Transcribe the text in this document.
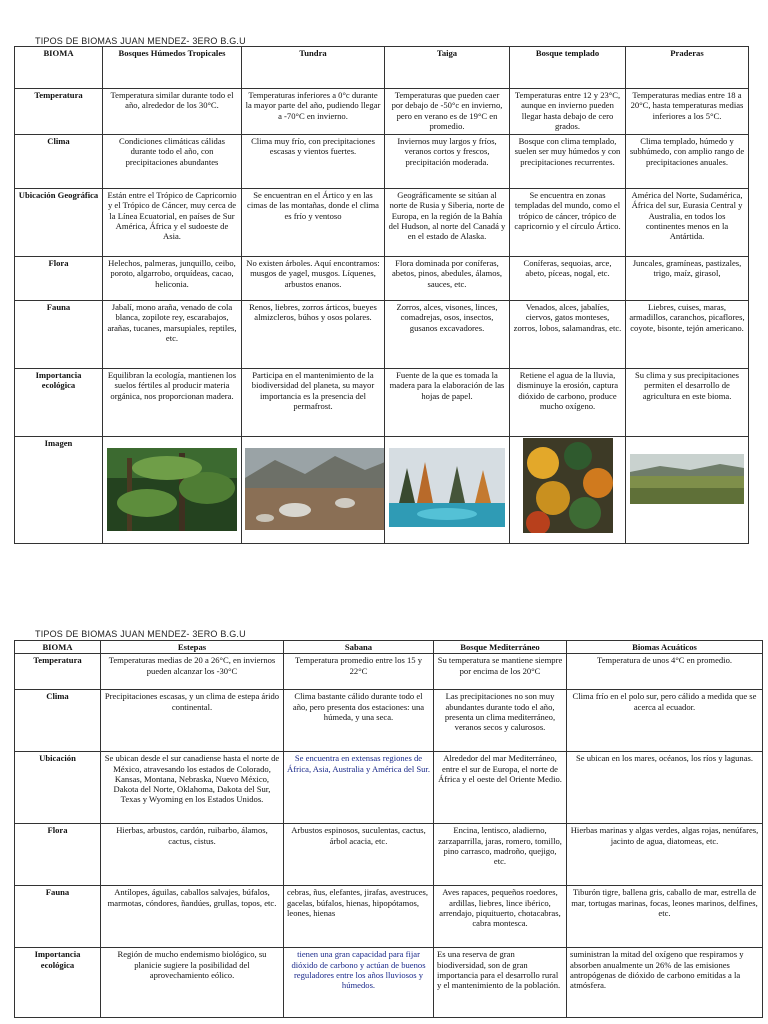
TIPOS DE BIOMAS JUAN MENDEZ- 3ERO B.G.U
BIOMA	Bosques Húmedos Tropicales	Tundra	Taiga	Bosque templado	Praderas
Temperatura	Temperatura similar durante todo el año, alrededor de los 30°C.	Temperaturas inferiores a 0°c durante la mayor parte del año, pudiendo llegar a -70°C en invierno.	Temperaturas que pueden caer por debajo de -50°c en invierno, pero en verano es de 19°C en promedio.	Temperaturas entre 12 y 23°C, aunque en invierno pueden llegar hasta debajo de cero grados.	Temperaturas medias entre 18 a 20°C, hasta temperaturas medias inferiores a los 5°C.
Clima	Condiciones climáticas cálidas durante todo el año, con precipitaciones abundantes	Clima muy frío, con precipitaciones escasas y vientos fuertes.	Inviernos muy largos y fríos, veranos cortos y frescos, precipitación moderada.	Bosque con clima templado, suelen ser muy húmedos y con precipitaciones recurrentes.	Clima templado, húmedo y subhúmedo, con amplio rango de precipitaciones anuales.
Ubicación Geográfica	Están entre el Trópico de Capricornio y el Trópico de Cáncer, muy cerca de la Línea Ecuatorial, en países de Sur América, África y el sudoeste de Asia.	Se encuentran en el Ártico y en las cimas de las montañas, donde el clima es frío y ventoso	Geográficamente se sitúan al norte de Rusia y Siberia, norte de Europa, en la región de la Bahía del Hudson, al norte del Canadá y en el estado de Alaska.	Se encuentra en zonas templadas del mundo, como el trópico de cáncer, trópico de capricornio y el círculo Ártico.	América del Norte, Sudamérica, África del sur, Eurasia Central y Australia, en todos los continentes menos en la Antártida.
Flora	Helechos, palmeras, junquillo, ceibo, poroto, algarrobo, orquídeas, cacao, heliconia.	No existen árboles. Aquí encontramos: musgos de yagel, musgos. Líquenes, arbustos enanos.	Flora dominada por coníferas, abetos, pinos, abedules, álamos, sauces, etc.	Coníferas, sequoias, arce, abeto, píceas, nogal, etc.	Juncales, gramíneas, pastizales, trigo, maíz, girasol,
Fauna	Jabalí, mono araña, venado de cola blanca, zopilote rey, escarabajos, arañas, tucanes, marsupiales, reptiles, etc.	Renos, liebres, zorros árticos, bueyes almizcleros, búhos y osos polares.	Zorros, alces, visones, linces, comadrejas, osos, insectos, gusanos excavadores.	Venados, alces, jabalíes, ciervos, gatos monteses, zorros, lobos, salamandras, etc.	Liebres, cuises, maras, armadillos, caranchos, picaflores, coyote, bisonte, tejón americano.
Importancia ecológica	Equilibran la ecología, mantienen los suelos fértiles al producir materia orgánica, nos proporcionan madera.	Participa en el mantenimiento de la biodiversidad del planeta, su mayor importancia es la presencia del permafrost.	Fuente de la que es tomada la madera para la elaboración de las hojas de papel.	Retiene el agua de la lluvia, disminuye la erosión, captura dióxido de carbono, produce mucho oxígeno.	Su clima y sus precipitaciones permiten el desarrollo de agricultura en este bioma.
Imagen	

TIPOS DE BIOMAS JUAN MENDEZ- 3ERO B.G.U
BIOMA	Estepas	Sabana	Bosque Mediterráneo	Biomas Acuáticos
Temperatura	Temperaturas medias de 20 a 26°C, en inviernos pueden alcanzar los -30°C	Temperatura promedio entre los 15 y 22°C	Su temperatura se mantiene siempre por encima de los 20°C	Temperatura de unos 4°C en promedio.
Clima	Precipitaciones escasas, y un clima de estepa árido continental.	Clima bastante cálido durante todo el año, pero presenta dos estaciones: una húmeda, y una seca.	Las precipitaciones no son muy abundantes durante todo el año, presenta un clima mediterráneo, veranos secos y calurosos.	Clima frío en el polo sur, pero cálido a medida que se acerca al ecuador.
Ubicación	Se ubican desde el sur canadiense hasta el norte de México, atravesando los estados de Colorado, Kansas, Montana, Nebraska, Nuevo México, Dakota del Norte, Oklahoma, Dakota del Sur, Texas y Wyoming en los Estados Unidos.	Se encuentra en extensas regiones de África, Asia, Australia y América del Sur.	Alrededor del mar Mediterráneo, entre el sur de Europa, el norte de África y el oeste del Oriente Medio.	Se ubican en los mares, océanos, los ríos y lagunas.
Flora	Hierbas, arbustos, cardón, ruibarbo, álamos, cactus, cistus.	Arbustos espinosos, suculentas, cactus, árbol acacia, etc.	Encina, lentisco, aladierno, zarzaparrilla, jaras, romero, tomillo, pino carrasco, madroño, quejigo, etc.	Hierbas marinas y algas verdes, algas rojas, nenúfares, jacinto de agua, diatomeas, etc.
Fauna	Antílopes, águilas, caballos salvajes, búfalos, marmotas, cóndores, ñandúes, grullas, topos, etc.	cebras, ñus, elefantes, jirafas, avestruces, gacelas, búfalos, hienas, hipopótamos, leones, hienas	Aves rapaces, pequeños roedores, ardillas, liebres, lince ibérico, arrendajo, piquituerto, chotacabras, cabra montesca.	Tiburón tigre, ballena gris, caballo de mar, estrella de mar, tortugas marinas, focas, leones marinos, delfines, etc.
Importancia ecológica	Región de mucho endemismo biológico, su planicie sugiere la posibilidad del aprovechamiento eólico.	tienen una gran capacidad para fijar dióxido de carbono y actúan de buenos reguladores entre los años lluviosos y húmedos.	Es una reserva de gran biodiversidad, son de gran importancia para el desarrollo rural y el mantenimiento de la población.	suministran la mitad del oxígeno que respiramos y absorben anualmente un 26% de las emisiones antropógenas de dióxido de carbono emitidas a la atmósfera.
